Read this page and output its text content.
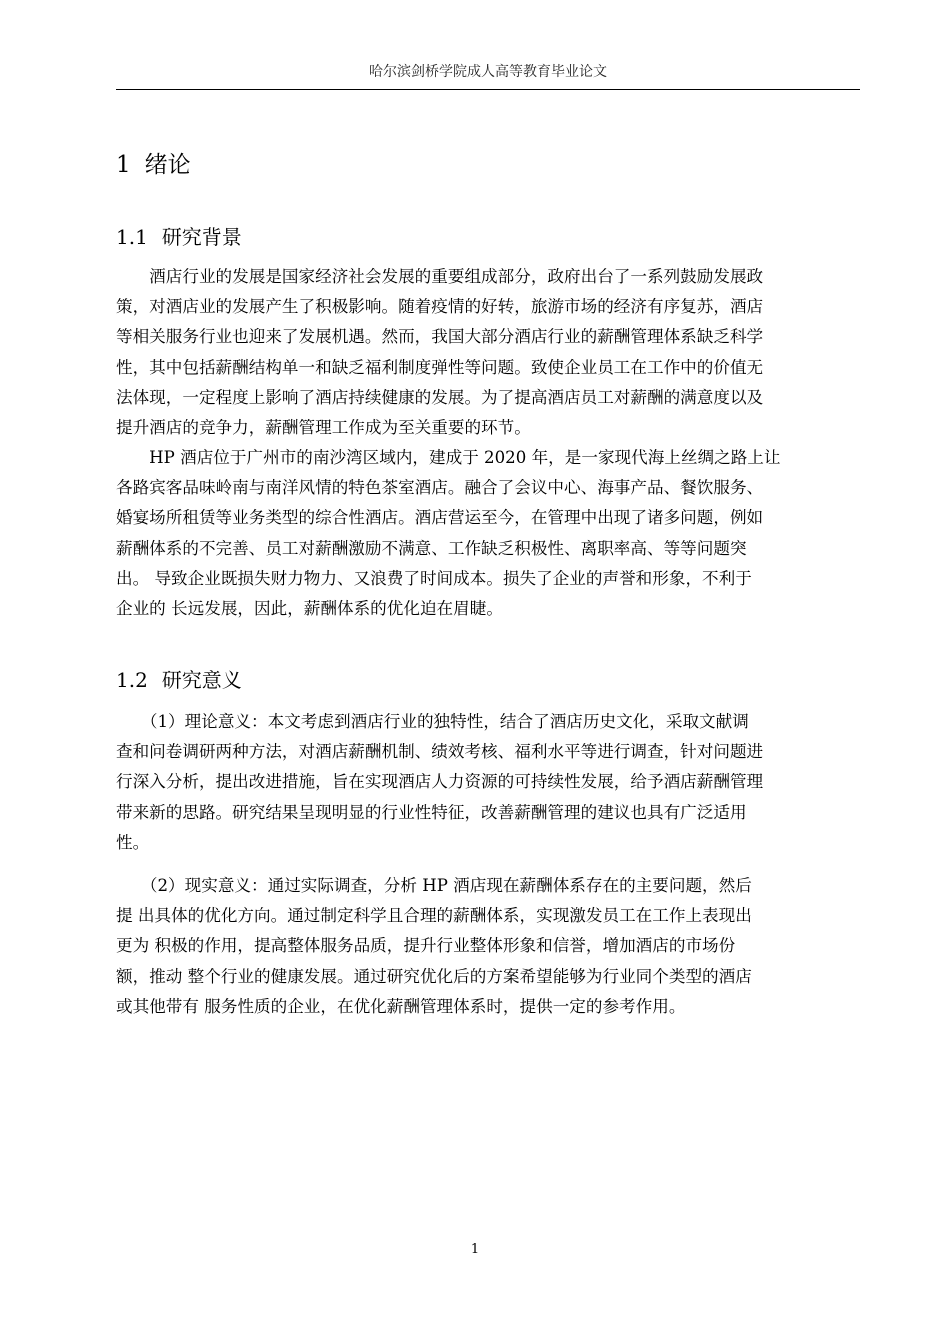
哈尔滨剑桥学院成人高等教育毕业论文
1 绪论
1.1 研究背景
　　酒店行业的发展是国家经济社会发展的重要组成部分，政府出台了一系列鼓励发展政
策，对酒店业的发展产生了积极影响。随着疫情的好转，旅游市场的经济有序复苏，酒店
等相关服务行业也迎来了发展机遇。然而，我国大部分酒店行业的薪酬管理体系缺乏科学
性，其中包括薪酬结构单一和缺乏福利制度弹性等问题。致使企业员工在工作中的价值无
法体现，一定程度上影响了酒店持续健康的发展。为了提高酒店员工对薪酬的满意度以及
提升酒店的竞争力，薪酬管理工作成为至关重要的环节。
　　HP 酒店位于广州市的南沙湾区域内，建成于 2020 年，是一家现代海上丝绸之路上让
各路宾客品味岭南与南洋风情的特色茶室酒店。融合了会议中心、海事产品、餐饮服务、
婚宴场所租赁等业务类型的综合性酒店。酒店营运至今，在管理中出现了诸多问题，例如
薪酬体系的不完善、员工对薪酬激励不满意、工作缺乏积极性、离职率高、等等问题突
出。 导致企业既损失财力物力、又浪费了时间成本。损失了企业的声誉和形象，不利于
企业的 长远发展，因此，薪酬体系的优化迫在眉睫。
1.2 研究意义
　　（1）理论意义：本文考虑到酒店行业的独特性，结合了酒店历史文化，采取文献调
查和问卷调研两种方法，对酒店薪酬机制、绩效考核、福利水平等进行调查，针对问题进
行深入分析，提出改进措施，旨在实现酒店人力资源的可持续性发展，给予酒店薪酬管理
带来新的思路。研究结果呈现明显的行业性特征，改善薪酬管理的建议也具有广泛适用
性。
　　（2）现实意义：通过实际调查，分析 HP 酒店现在薪酬体系存在的主要问题，然后
提 出具体的优化方向。通过制定科学且合理的薪酬体系，实现激发员工在工作上表现出
更为 积极的作用，提高整体服务品质，提升行业整体形象和信誉，增加酒店的市场份
额，推动 整个行业的健康发展。通过研究优化后的方案希望能够为行业同个类型的酒店
或其他带有 服务性质的企业，在优化薪酬管理体系时，提供一定的参考作用。
1
